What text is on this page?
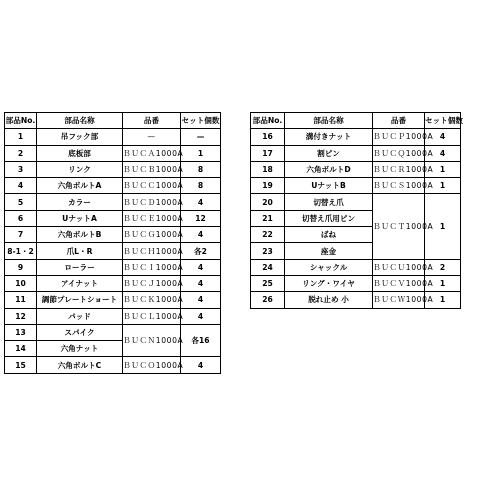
部品No.	部品名称	品番	セット個数
1	吊フック部	—	—
2	底板部	ＢＵＣＡ1000A	1
3	リンク	ＢＵＣＢ1000A	8
4	六角ボルトA	ＢＵＣＣ1000A	8
5	カラー	ＢＵＣＤ1000A	4
6	UナットA	ＢＵＣＥ1000A	12
7	六角ボルトB	ＢＵＣＧ1000A	4
8-1・2	爪L・R	ＢＵＣＨ1000A	各2
9	ローラー	ＢＵＣＩ1000A	4
10	アイナット	ＢＵＣＪ1000A	4
11	調節プレートショート	ＢＵＣＫ1000A	4
12	パッド	ＢＵＣＬ1000A	4
13	スパイク	ＢＵＣＮ1000A	各16
14	六角ナット		
15	六角ボルトC	ＢＵＣＯ1000A	4
部品No.	部品名称	品番	セット個数
16	溝付きナット	ＢＵＣＰ1000A	4
17	割ピン	ＢＵＣＱ1000A	4
18	六角ボルトD	ＢＵＣＲ1000A	1
19	UナットB	ＢＵＣＳ1000A	1
20	切替え爪	ＢＵＣＴ1000A	1
21	切替え爪用ピン		
22	ばね		
23	座金		
24	シャックル	ＢＵＣＵ1000A	2
25	リング・ワイヤ	ＢＵＣＶ1000A	1
26	脱れ止め 小	ＢＵＣＷ1000A	1
